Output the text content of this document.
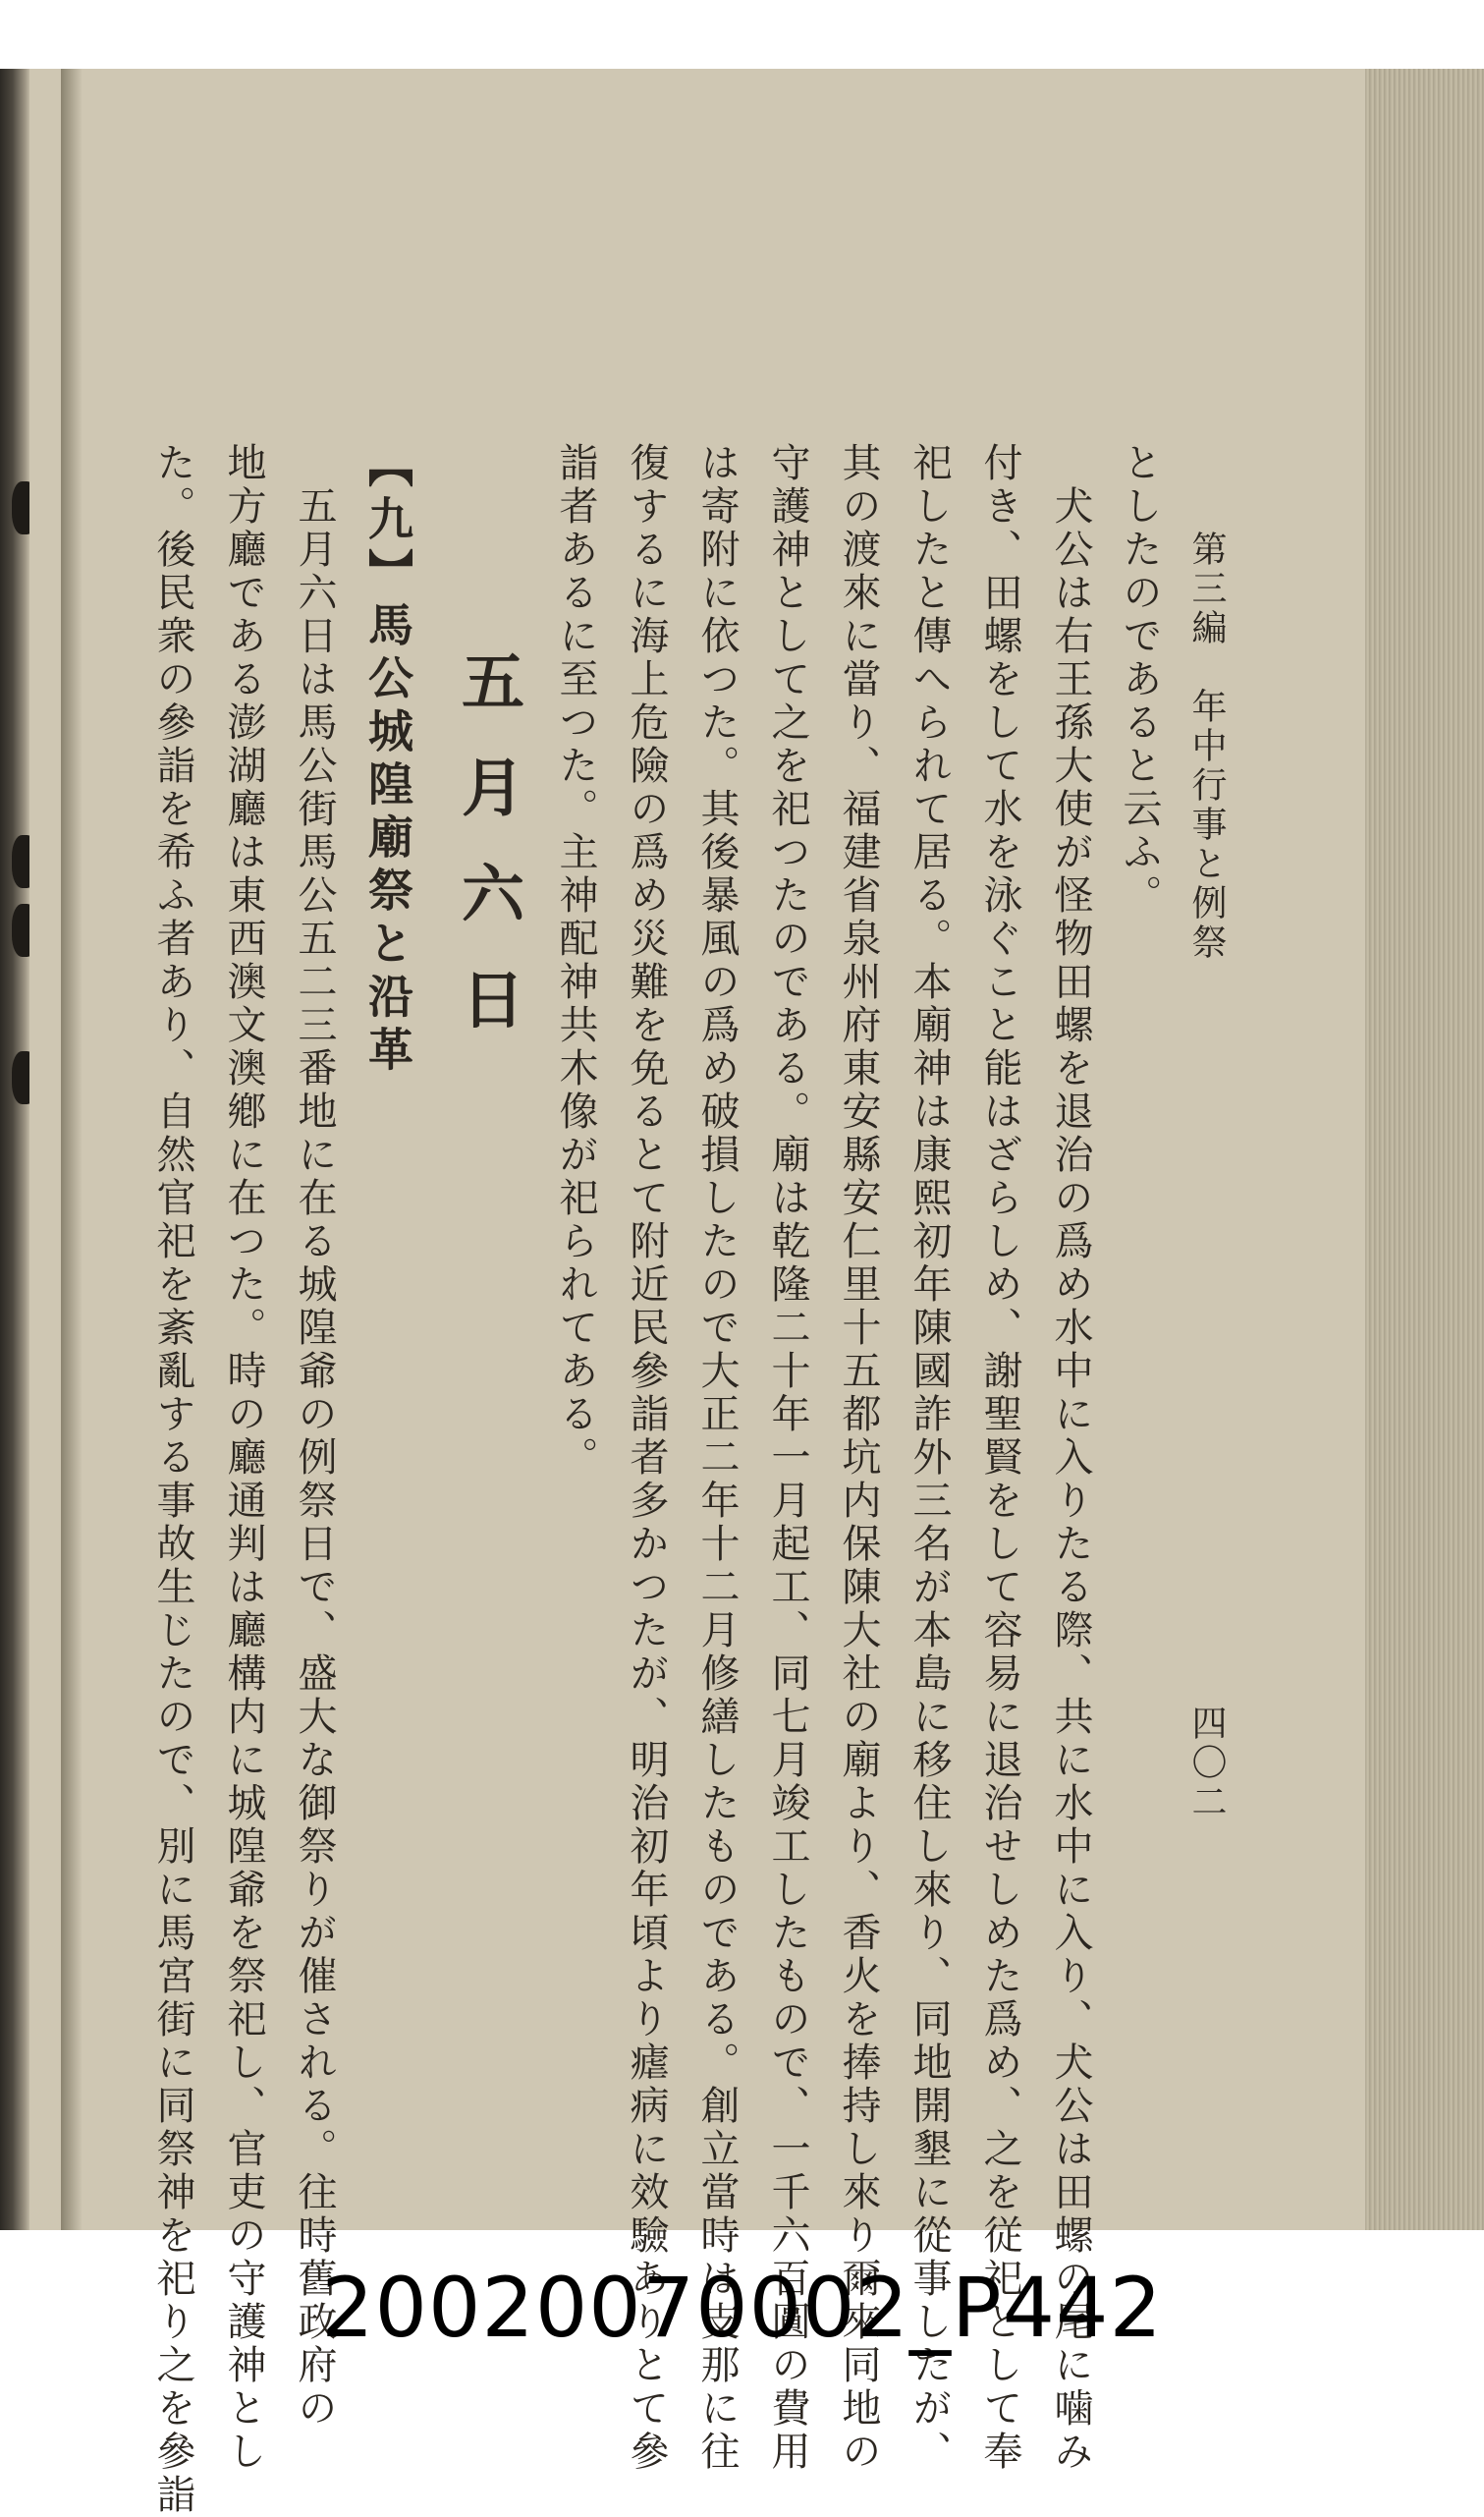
第三編　年中行事と例祭
四〇二
としたのであると云ふ。
　犬公は右王孫大使が怪物田螺を退治の爲め水中に入りたる際、共に水中に入り、犬公は田螺の尾に噛み
付き、田螺をして水を泳ぐこと能はざらしめ、謝聖賢をして容易に退治せしめた爲め、之を従祀として奉
祀したと傳へられて居る。本廟神は康熙初年陳國詐外三名が本島に移住し來り、同地開墾に從事したが、
其の渡來に當り、福建省泉州府東安縣安仁里十五都坑内保陳大社の廟より、香火を捧持し來り爾來同地の
守護神として之を祀つたのである。廟は乾隆二十年一月起工、同七月竣工したもので、一千六百圓の費用
は寄附に依つた。其後暴風の爲め破損したので大正二年十二月修繕したものである。創立當時は支那に往
復するに海上危險の爲め災難を免るとて附近民參詣者多かつたが、明治初年頃より瘧病に效驗ありとて參
詣者あるに至つた。主神配神共木像が祀られてある。
五月六日
【九】馬公城隍廟祭と沿革
　五月六日は馬公街馬公五二三番地に在る城隍爺の例祭日で、盛大な御祭りが催される。往時舊政府の
地方廳である澎湖廳は東西澳文澳鄕に在つた。時の廳通判は廳構内に城隍爺を祭祀し、官吏の守護神とし
た。後民衆の參詣を希ふ者あり、自然官祀を紊亂する事故生じたので、別に馬宮街に同祭神を祀り之を參詣	20020070002_P442
